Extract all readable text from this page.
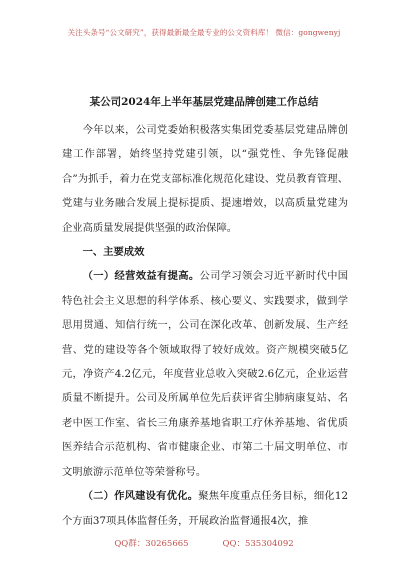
关注头条号“公文研究”，获得最新最全最专业的公文资料库！ 微信：gongwenyj
某公司2024年上半年基层党建品牌创建工作总结

今年以来，公司党委始积极落实集团党委基层党建品牌创建工作部署，始终坚持党建引领，以“强党性、争先锋促融合”为抓手，着力在党支部标准化规范化建设、党员教育管理、党建与业务融合发展上提标提质、提速增效，以高质量党建为企业高质量发展提供坚强的政治保障。

一、主要成效

（一）经营效益有提高。公司学习领会习近平新时代中国特色社会主义思想的科学体系、核心要义、实践要求，做到学思用贯通、知信行统一，公司在深化改革、创新发展、生产经营、党的建设等各个领域取得了较好成效。资产规模突破5亿元，净资产4.2亿元，年度营业总收入突破2.6亿元，企业运营质量不断提升。公司及所属单位先后获评省尘肺病康复站、名老中医工作室、省长三角康养基地省职工疗休养基地、省优质医养结合示范机构、省市健康企业、市第二十届文明单位、市文明旅游示范单位等荣誉称号。

（二）作风建设有优化。聚焦年度重点任务目标，细化12个方面37项具体监督任务，开展政治监督通报4次，推

QQ群：30265665	QQ：535304092
